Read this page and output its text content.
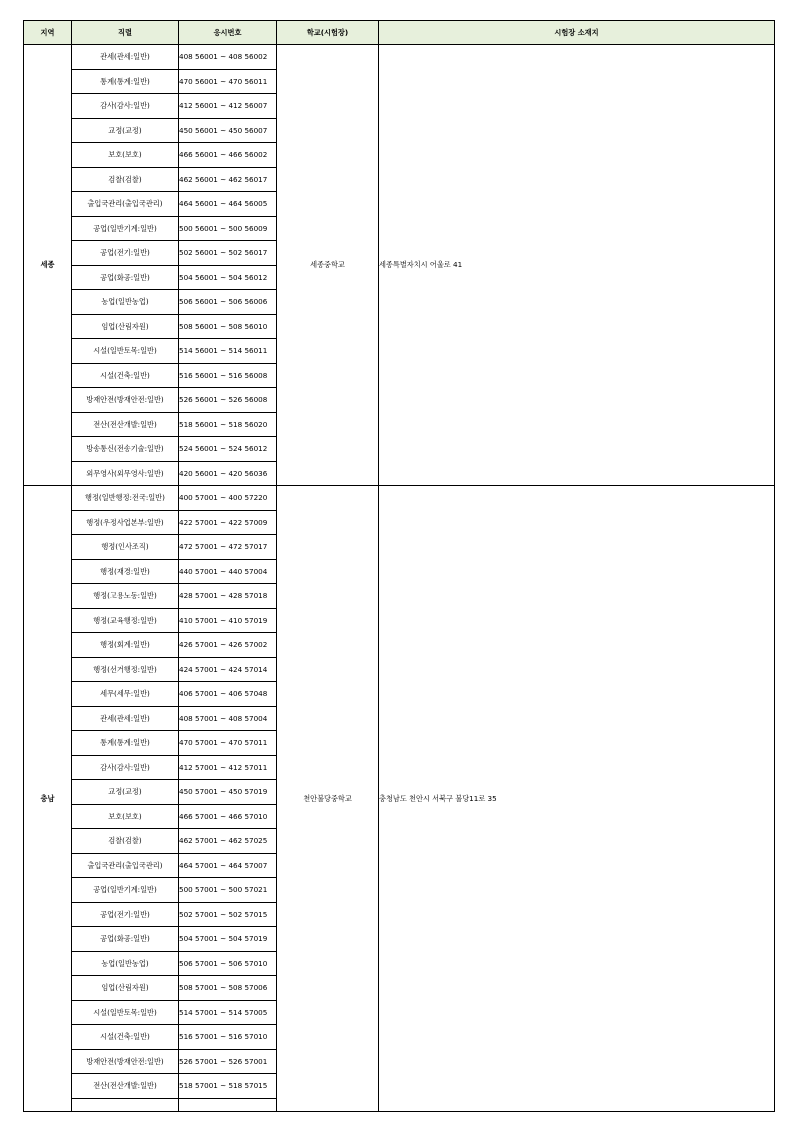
지역	직렬	응시번호	학교(시험장)	시험장 소재지
세종	관세(관세:일반)	408 56001 ~ 408 56002	세종중학교	세종특별자치시 어울로 41
	통계(통계:일반)	470 56001 ~ 470 56011		
	감사(감사:일반)	412 56001 ~ 412 56007		
	교정(교정)	450 56001 ~ 450 56007		
	보호(보호)	466 56001 ~ 466 56002		
	검찰(검찰)	462 56001 ~ 462 56017		
	출입국관리(출입국관리)	464 56001 ~ 464 56005		
	공업(일반기계:일반)	500 56001 ~ 500 56009		
	공업(전기:일반)	502 56001 ~ 502 56017		
	공업(화공:일반)	504 56001 ~ 504 56012		
	농업(일반농업)	506 56001 ~ 506 56006		
	임업(산림자원)	508 56001 ~ 508 56010		
	시설(일반토목:일반)	514 56001 ~ 514 56011		
	시설(건축:일반)	516 56001 ~ 516 56008		
	방재안전(방재안전:일반)	526 56001 ~ 526 56008		
	전산(전산개발:일반)	518 56001 ~ 518 56020		
	방송통신(전송기술:일반)	524 56001 ~ 524 56012		
	외무영사(외무영사:일반)	420 56001 ~ 420 56036		
충남	행정(일반행정:전국:일반)	400 57001 ~ 400 57220	천안불당중학교	충청남도 천안시 서북구 불당11로 35
	행정(우정사업본부:일반)	422 57001 ~ 422 57009		
	행정(인사조직)	472 57001 ~ 472 57017		
	행정(재경:일반)	440 57001 ~ 440 57004		
	행정(고용노동:일반)	428 57001 ~ 428 57018		
	행정(교육행정:일반)	410 57001 ~ 410 57019		
	행정(회계:일반)	426 57001 ~ 426 57002		
	행정(선거행정:일반)	424 57001 ~ 424 57014		
	세무(세무:일반)	406 57001 ~ 406 57048		
	관세(관세:일반)	408 57001 ~ 408 57004		
	통계(통계:일반)	470 57001 ~ 470 57011		
	감사(감사:일반)	412 57001 ~ 412 57011		
	교정(교정)	450 57001 ~ 450 57019		
	보호(보호)	466 57001 ~ 466 57010		
	검찰(검찰)	462 57001 ~ 462 57025		
	출입국관리(출입국관리)	464 57001 ~ 464 57007		
	공업(일반기계:일반)	500 57001 ~ 500 57021		
	공업(전기:일반)	502 57001 ~ 502 57015		
	공업(화공:일반)	504 57001 ~ 504 57019		
	농업(일반농업)	506 57001 ~ 506 57010		
	임업(산림자원)	508 57001 ~ 508 57006		
	시설(일반토목:일반)	514 57001 ~ 514 57005		
	시설(건축:일반)	516 57001 ~ 516 57010		
	방재안전(방재안전:일반)	526 57001 ~ 526 57001		
	전산(전산개발:일반)	518 57001 ~ 518 57015		
